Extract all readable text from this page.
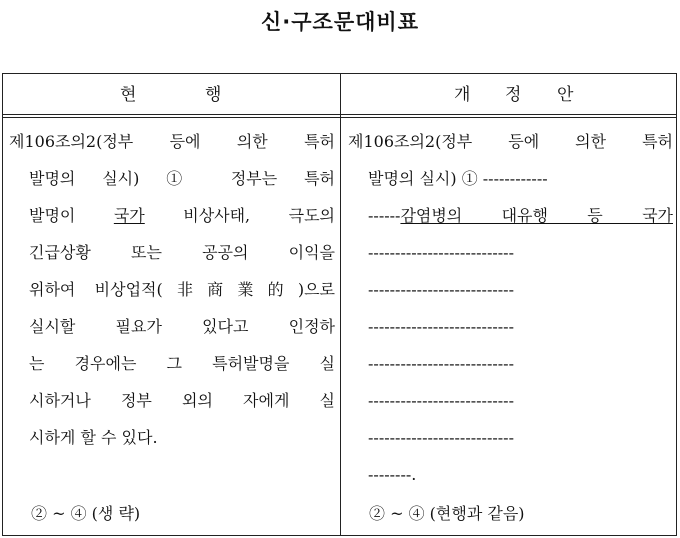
신·구조문대비표
현	행	개 정 안
제106조의2(정부 등에 의한 특허
발명의 실시) ① 정부는 특허
발명이 국가 비상사태, 극도의
긴급상황 또는 공공의 이익을
위하여 비상업적(非商業的)으로
실시할 필요가 있다고 인정하
는 경우에는 그 특허발명을 실
시하거나 정부 외의 자에게 실
시하게 할 수 있다.
② ~ ④ (생 략)
제106조의2(정부 등에 의한 특허
발명의 실시) ① ------------
------감염병의 대유행 등 국가
---------------------------
---------------------------
---------------------------
---------------------------
---------------------------
---------------------------
--------.
② ~ ④ (현행과 같음)
